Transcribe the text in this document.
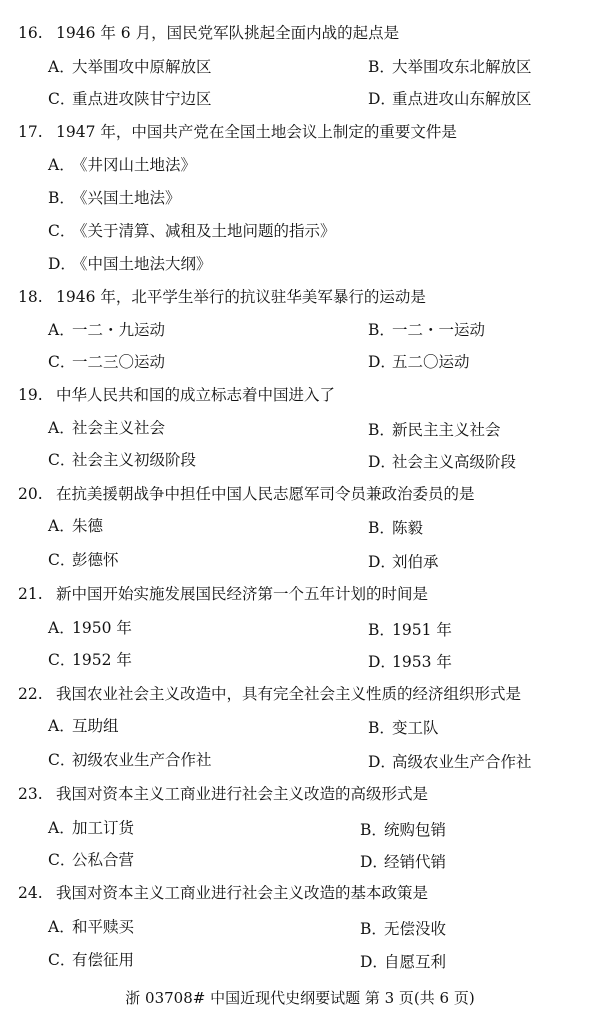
16. 1946 年 6 月，国民党军队挑起全面内战的起点是
A．大举围攻中原解放区	B．大举围攻东北解放区
C．重点进攻陕甘宁边区	D．重点进攻山东解放区
17. 1947 年，中国共产党在全国土地会议上制定的重要文件是
A．《井冈山土地法》
B．《兴国土地法》
C．《关于清算、减租及土地问题的指示》
D．《中国土地法大纲》
18. 1946 年，北平学生举行的抗议驻华美军暴行的运动是
A．一二・九运动	B．一二・一运动
C．一二三〇运动	D．五二〇运动
19. 中华人民共和国的成立标志着中国进入了
A．社会主义社会	B．新民主主义社会
C．社会主义初级阶段	D．社会主义高级阶段
20. 在抗美援朝战争中担任中国人民志愿军司令员兼政治委员的是
A．朱德	B．陈毅
C．彭德怀	D．刘伯承
21. 新中国开始实施发展国民经济第一个五年计划的时间是
A．1950 年	B．1951 年
C．1952 年	D．1953 年
22. 我国农业社会主义改造中，具有完全社会主义性质的经济组织形式是
A．互助组	B．变工队
C．初级农业生产合作社	D．高级农业生产合作社
23. 我国对资本主义工商业进行社会主义改造的高级形式是
A．加工订货	B．统购包销
C．公私合营	D．经销代销
24. 我国对资本主义工商业进行社会主义改造的基本政策是
A．和平赎买	B．无偿没收
C．有偿征用	D．自愿互利
浙 03708# 中国近现代史纲要试题 第 3 页(共 6 页)
